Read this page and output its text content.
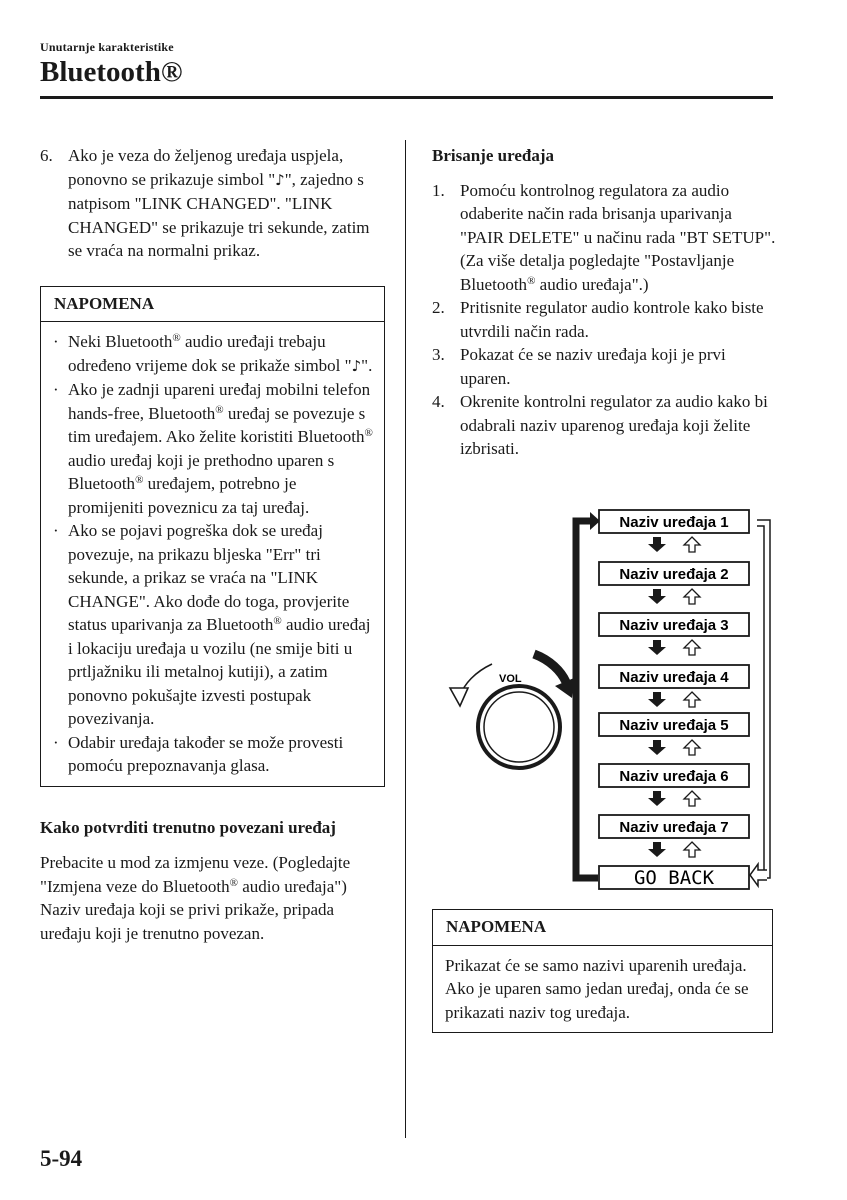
Unutarnje karakteristike
Bluetooth®
6. Ako je veza do željenog uređaja uspjela, ponovno se prikazuje simbol "♪", zajedno s natpisom "LINK CHANGED". "LINK CHANGED" se prikazuje tri sekunde, zatim se vraća na normalni prikaz.
NAPOMENA
· Neki Bluetooth® audio uređaji trebaju određeno vrijeme dok se prikaže simbol "♪".
· Ako je zadnji upareni uređaj mobilni telefon hands-free, Bluetooth® uređaj se povezuje s tim uređajem. Ako želite koristiti Bluetooth® audio uređaj koji je prethodno uparen s Bluetooth® uređajem, potrebno je promijeniti poveznicu za taj uređaj.
· Ako se pojavi pogreška dok se uređaj povezuje, na prikazu bljeska "Err" tri sekunde, a prikaz se vraća na "LINK CHANGE". Ako dođe do toga, provjerite status uparivanja za Bluetooth® audio uređaj i lokaciju uređaja u vozilu (ne smije biti u prtljažniku ili metalnoj kutiji), a zatim ponovno pokušajte izvesti postupak povezivanja.
· Odabir uređaja također se može provesti pomoću prepoznavanja glasa.
Kako potvrditi trenutno povezani uređaj

Prebacite u mod za izmjenu veze. (Pogledajte "Izmjena veze do Bluetooth® audio uređaja")

Naziv uređaja koji se privi prikaže, pripada uređaju koji je trenutno povezan.

Brisanje uređaja
1. Pomoću kontrolnog regulatora za audio odaberite način rada brisanja uparivanja "PAIR DELETE" u načinu rada "BT SETUP". (Za više detalja pogledajte "Postavljanje Bluetooth® audio uređaja".)
2. Pritisnite regulator audio kontrole kako biste utvrdili način rada.
3. Pokazat će se naziv uređaja koji je prvi uparen.
4. Okrenite kontrolni regulator za audio kako bi odabrali naziv uparenog uređaja koji želite izbrisati.
NAPOMENA
Prikazat će se samo nazivi uparenih uređaja. Ako je uparen samo jedan uređaj, onda će se prikazati naziv tog uređaja.
VOL
Naziv uređaja 1
Naziv uređaja 2
Naziv uređaja 3
Naziv uređaja 4
Naziv uređaja 5
Naziv uređaja 6
Naziv uređaja 7
GO BACK
5-94
